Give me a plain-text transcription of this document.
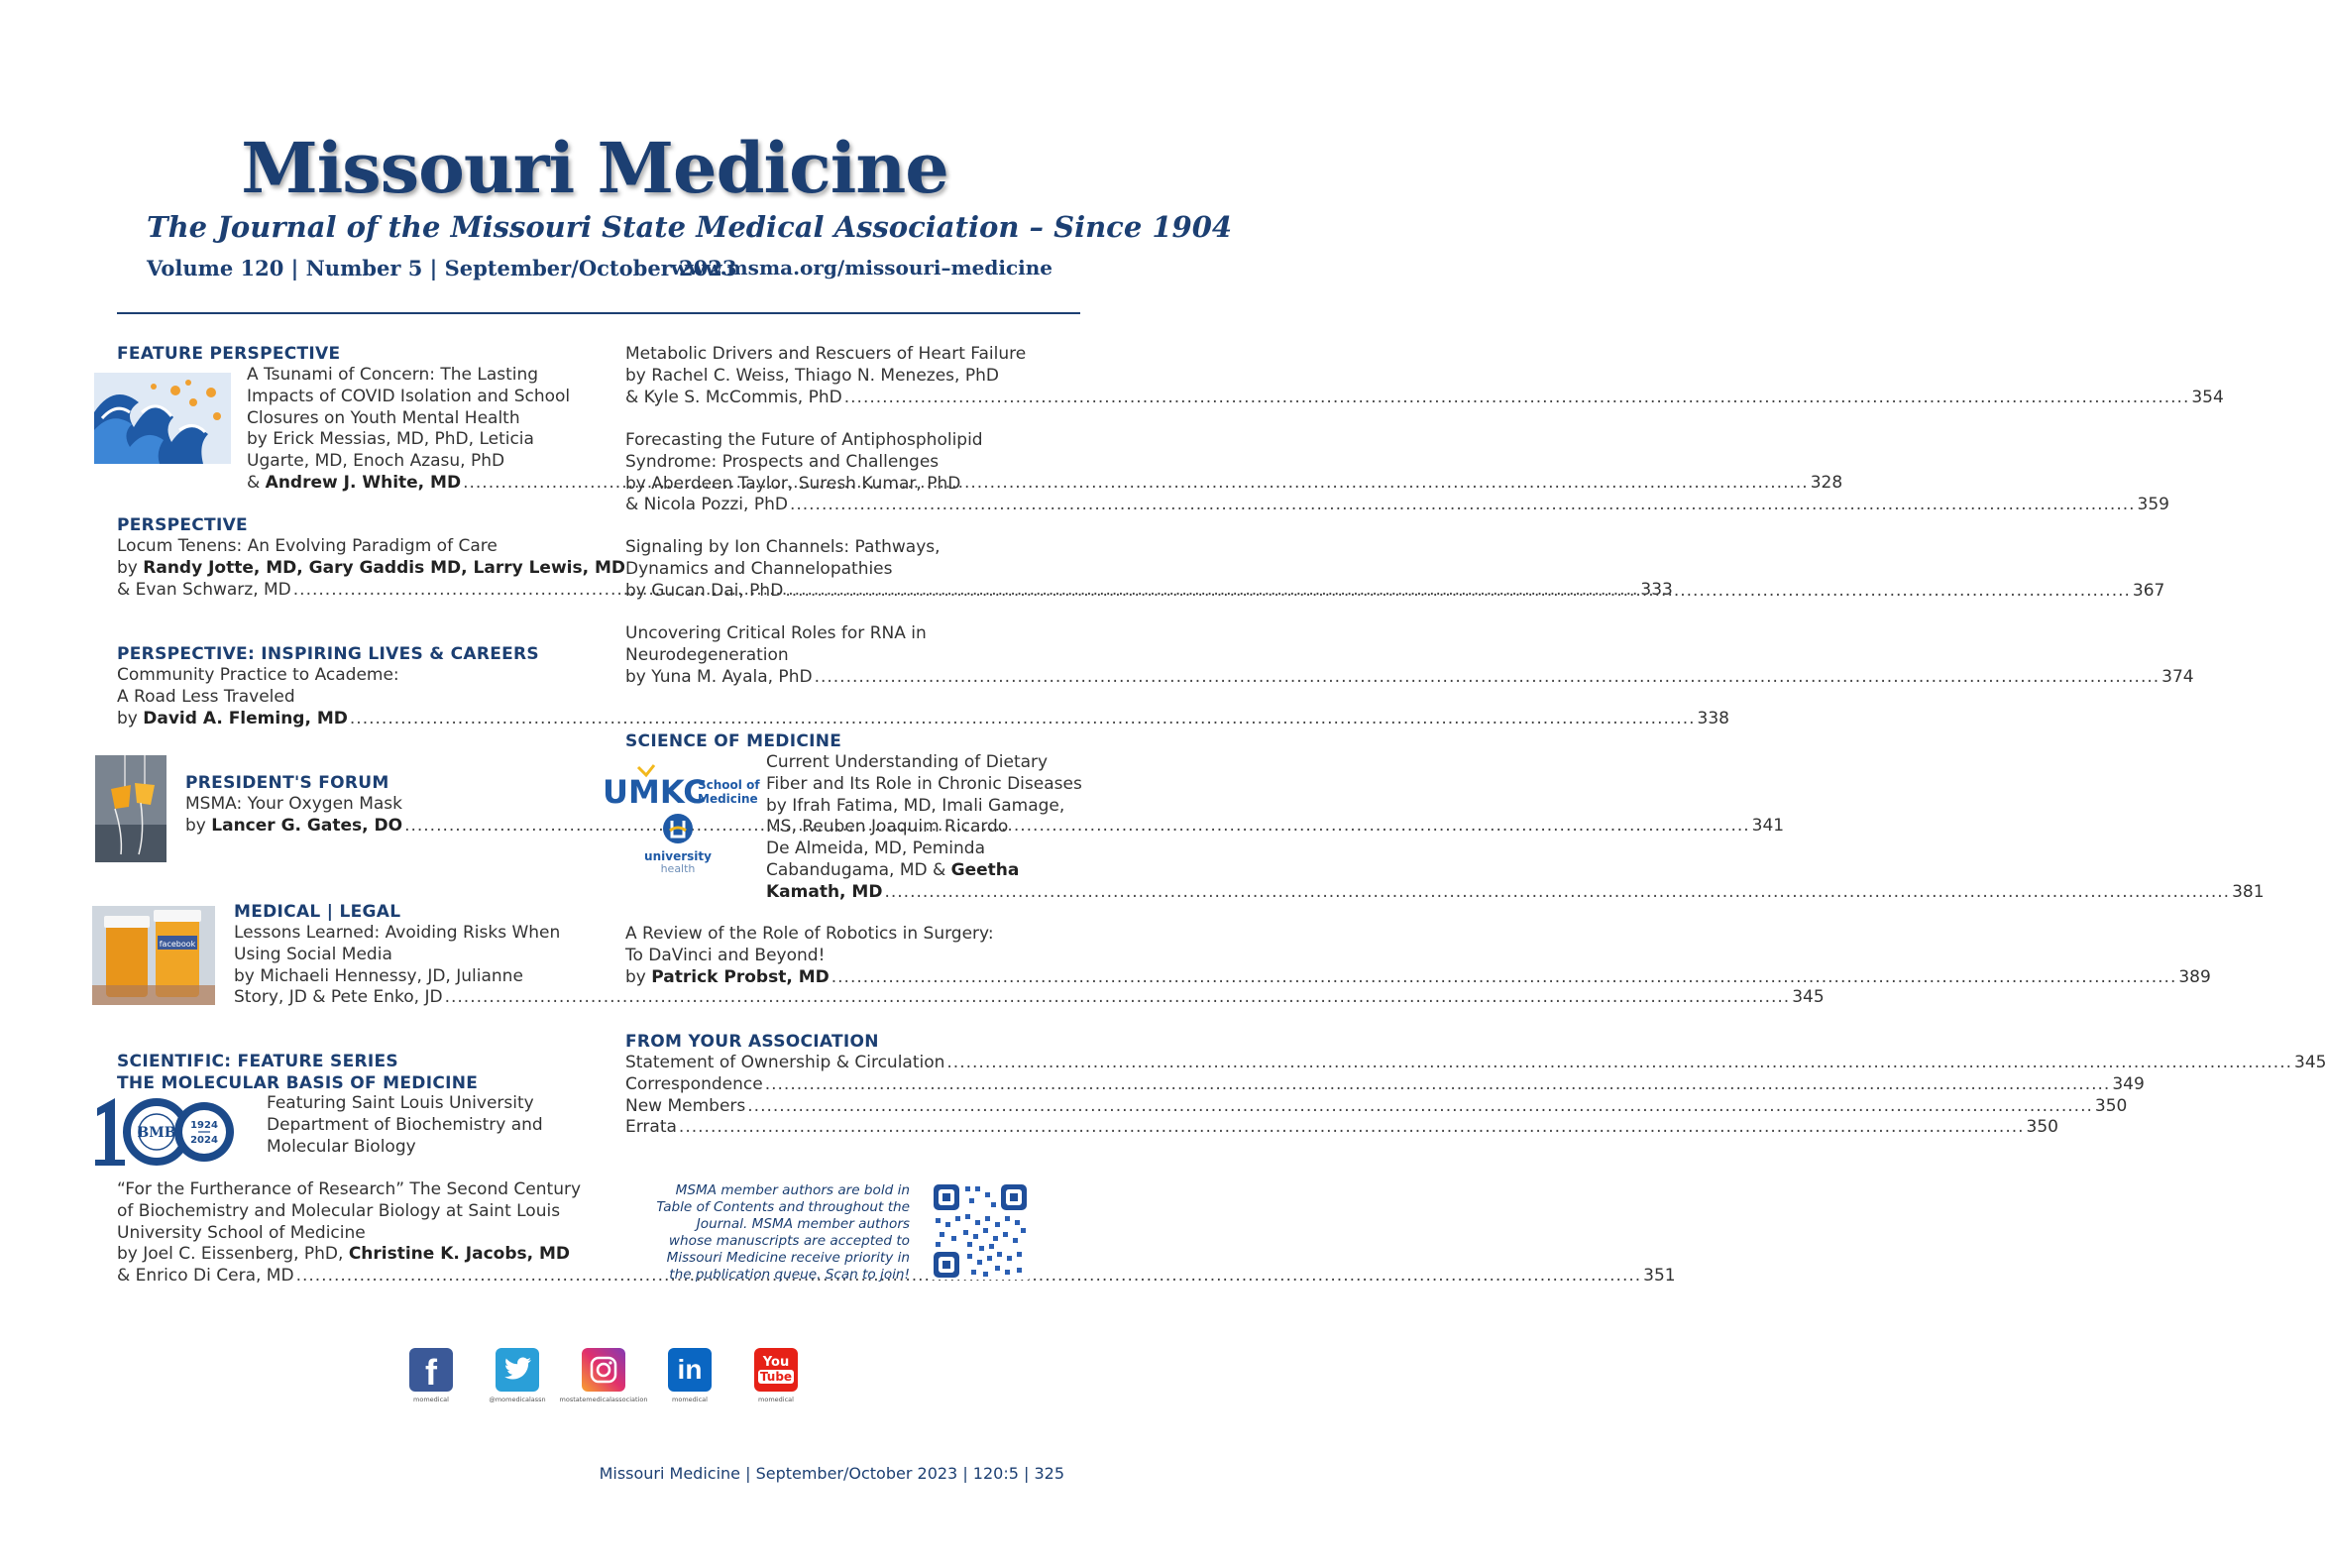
Missouri Medicine
The Journal of the Missouri State Medical Association – Since 1904
Volume 120 | Number 5 | September/October 2023
www.msma.org/missouri–medicine
FEATURE PERSPECTIVE
A Tsunami of Concern: The Lasting
Impacts of COVID Isolation and School
Closures on Youth Mental Health
by Erick Messias, MD, PhD, Leticia
Ugarte, MD, Enoch Azasu, PhD
& Andrew J. White, MD .....	328
PERSPECTIVE
Locum Tenens: An Evolving Paradigm of Care
by Randy Jotte, MD, Gary Gaddis MD, Larry Lewis, MD
& Evan Schwarz, MD .....	333
PERSPECTIVE: INSPIRING LIVES & CAREERS
Community Practice to Academe:
A Road Less Traveled
by David A. Fleming, MD .....	338
PRESIDENT'S FORUM
MSMA: Your Oxygen Mask
by Lancer G. Gates, DO .....	341
facebook
MEDICAL | LEGAL
Lessons Learned: Avoiding Risks When
Using Social Media
by Michaeli Hennessy, JD, Julianne
Story, JD & Pete Enko, JD .....	345
SCIENTIFIC: FEATURE SERIES
THE MOLECULAR BASIS OF MEDICINE
BMB 1924
2024
Featuring Saint Louis University
Department of Biochemistry and
Molecular Biology
“For the Furtherance of Research” The Second Century
of Biochemistry and Molecular Biology at Saint Louis
University School of Medicine
by Joel C. Eissenberg, PhD, Christine K. Jacobs, MD
& Enrico Di Cera, MD .....	351
Metabolic Drivers and Rescuers of Heart Failure
by Rachel C. Weiss, Thiago N. Menezes, PhD
& Kyle S. McCommis, PhD .....	354
Forecasting the Future of Antiphospholipid
Syndrome: Prospects and Challenges
by Aberdeen Taylor, Suresh Kumar, PhD
& Nicola Pozzi, PhD .....	359
Signaling by Ion Channels: Pathways,
Dynamics and Channelopathies
by Gucan Dai, PhD .....	367
Uncovering Critical Roles for RNA in
Neurodegeneration
by Yuna M. Ayala, PhD .....	374
SCIENCE OF MEDICINE
UMKC
School of
Medicine
university
health
Current Understanding of Dietary
Fiber and Its Role in Chronic Diseases
by Ifrah Fatima, MD, Imali Gamage,
MS, Reuben Joaquim Ricardo
De Almeida, MD, Peminda
Cabandugama, MD & Geetha
Kamath, MD .....	381
A Review of the Role of Robotics in Surgery:
To DaVinci and Beyond!
by Patrick Probst, MD .....	389
FROM YOUR ASSOCIATION
Statement of Ownership & Circulation .....	345
Correspondence .....	349
New Members .....	350
Errata .....	350
MSMA member authors are bold in Table of Contents and throughout the Journal. MSMA member authors whose manuscripts are accepted to Missouri Medicine receive priority in the publication queue. Scan to join!
f
momedical	@momedicalassn	mostatemedicalassociation
in
momedical
You
Tube
momedical
Missouri Medicine | September/October 2023 | 120:5 | 325
